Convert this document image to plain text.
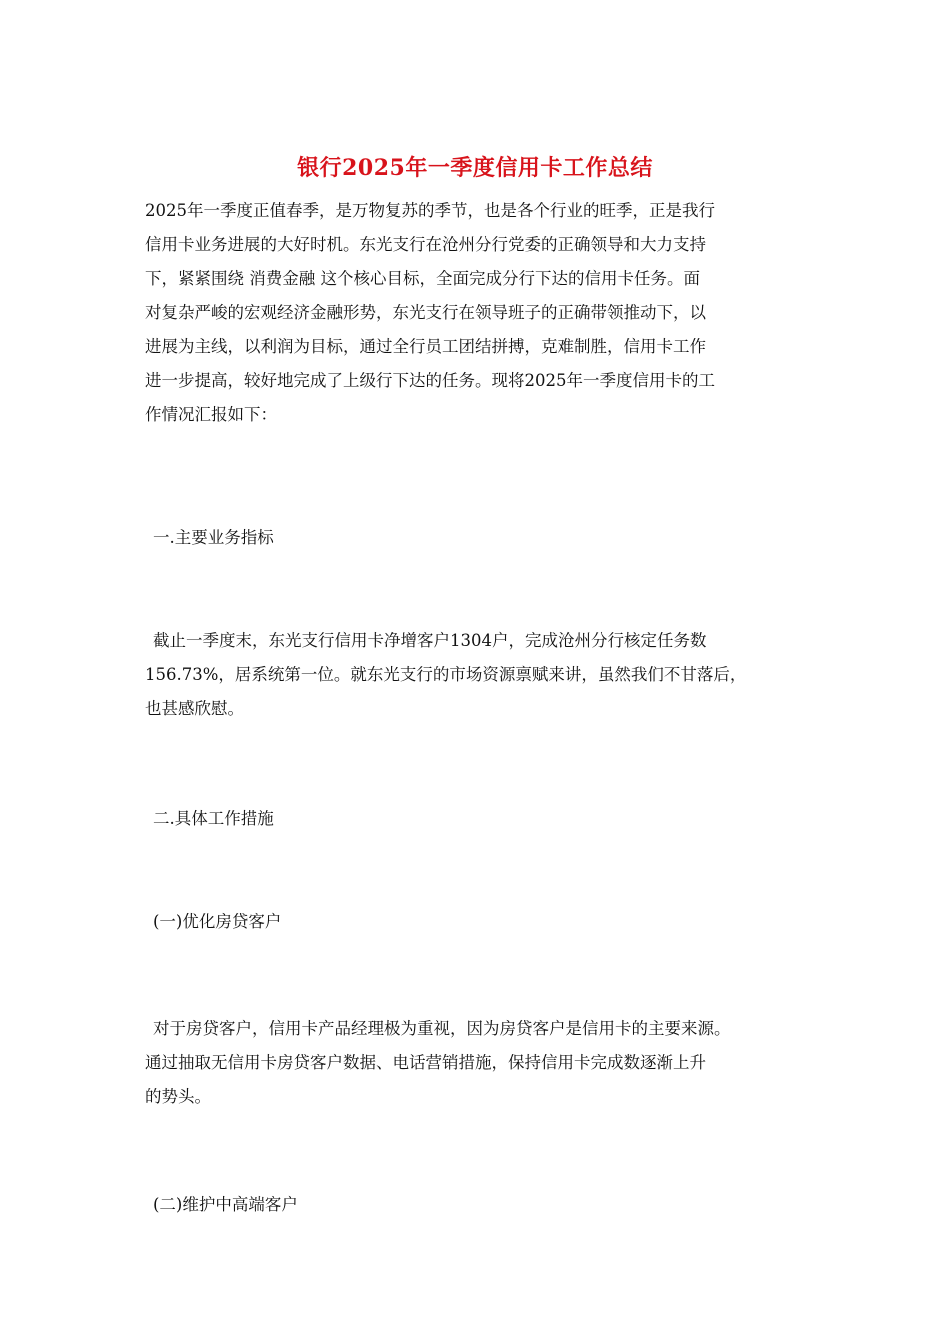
银行2025年一季度信用卡工作总结
2025年一季度正值春季，是万物复苏的季节，也是各个行业的旺季，正是我行
信用卡业务进展的大好时机。东光支行在沧州分行党委的正确领导和大力支持
下，紧紧围绕 消费金融 这个核心目标，全面完成分行下达的信用卡任务。面
对复杂严峻的宏观经济金融形势，东光支行在领导班子的正确带领推动下，以
进展为主线，以利润为目标，通过全行员工团结拼搏，克难制胜，信用卡工作
进一步提高，较好地完成了上级行下达的任务。现将2025年一季度信用卡的工
作情况汇报如下：
一.主要业务指标
截止一季度末，东光支行信用卡净增客户1304户，完成沧州分行核定任务数
156.73%，居系统第一位。就东光支行的市场资源禀赋来讲，虽然我们不甘落后，
也甚感欣慰。
二.具体工作措施
(一)优化房贷客户
对于房贷客户，信用卡产品经理极为重视，因为房贷客户是信用卡的主要来源。
通过抽取无信用卡房贷客户数据、电话营销措施，保持信用卡完成数逐渐上升
的势头。
(二)维护中高端客户
